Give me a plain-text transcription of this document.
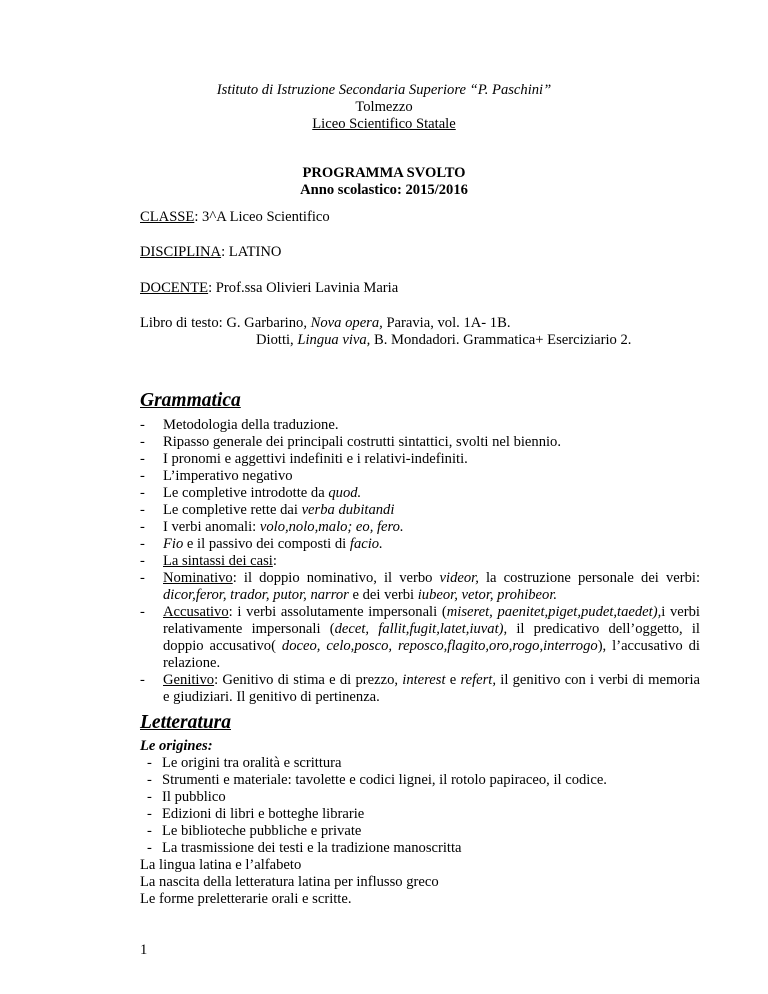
Istituto di Istruzione Secondaria Superiore “P. Paschini”
Tolmezzo
Liceo Scientifico Statale
PROGRAMMA SVOLTO
Anno scolastico: 2015/2016
CLASSE: 3^A Liceo Scientifico
DISCIPLINA: LATINO
DOCENTE: Prof.ssa Olivieri Lavinia Maria
Libro di testo: G. Garbarino, Nova opera, Paravia, vol. 1A- 1B.
Diotti, Lingua viva, B. Mondadori. Grammatica+ Eserciziario 2.
Grammatica
- Metodologia della traduzione.
- Ripasso generale dei principali costrutti sintattici, svolti nel biennio.
- I pronomi e aggettivi indefiniti e i relativi-indefiniti.
- L’imperativo negativo
- Le completive introdotte da quod.
- Le completive rette dai verba dubitandi
- I verbi anomali: volo,nolo,malo; eo, fero.
- Fio e il passivo dei composti di facio.
- La sintassi dei casi:
- Nominativo: il doppio nominativo, il verbo videor, la costruzione personale dei verbi: dicor,feror, trador, putor, narror e dei verbi iubeor, vetor, prohibeor.
- Accusativo: i verbi assolutamente impersonali (miseret, paenitet,piget,pudet,taedet),i verbi relativamente impersonali (decet, fallit,fugit,latet,iuvat), il predicativo dell’oggetto, il doppio accusativo( doceo, celo,posco, reposco,flagito,oro,rogo,interrogo), l’accusativo di relazione.
- Genitivo: Genitivo di stima e di prezzo, interest e refert, il genitivo con i verbi di memoria e giudiziari. Il genitivo di pertinenza.
Letteratura
Le origines:
- Le origini tra oralità e scrittura
- Strumenti e materiale: tavolette e codici lignei, il rotolo papiraceo, il codice.
- Il pubblico
- Edizioni di libri e botteghe librarie
- Le biblioteche pubbliche e private
- La trasmissione dei testi e la tradizione manoscritta
La lingua latina e l’alfabeto
La nascita della letteratura latina per influsso greco
Le forme preletterarie orali e scritte.
1
